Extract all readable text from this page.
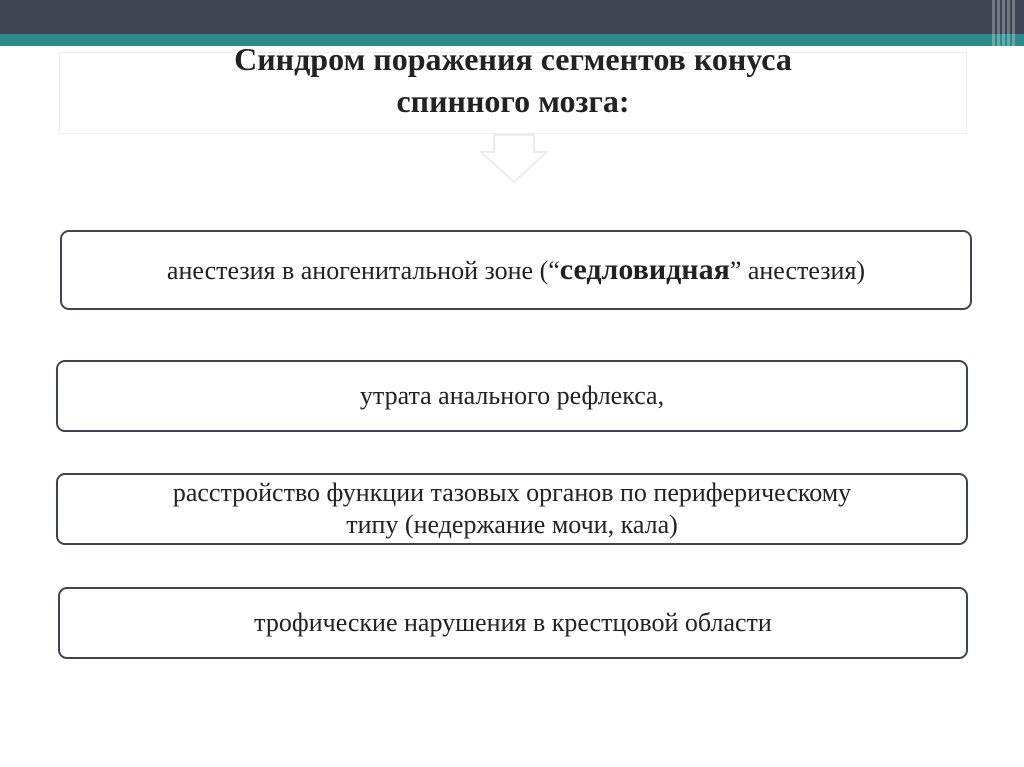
Синдром поражения сегментов конуса
спинного мозга:
анестезия в аногенитальной зоне (“седловидная” анестезия)
утрата анального рефлекса,
расстройство функции тазовых органов по периферическому
типу (недержание мочи, кала)
трофические нарушения в крестцовой области
